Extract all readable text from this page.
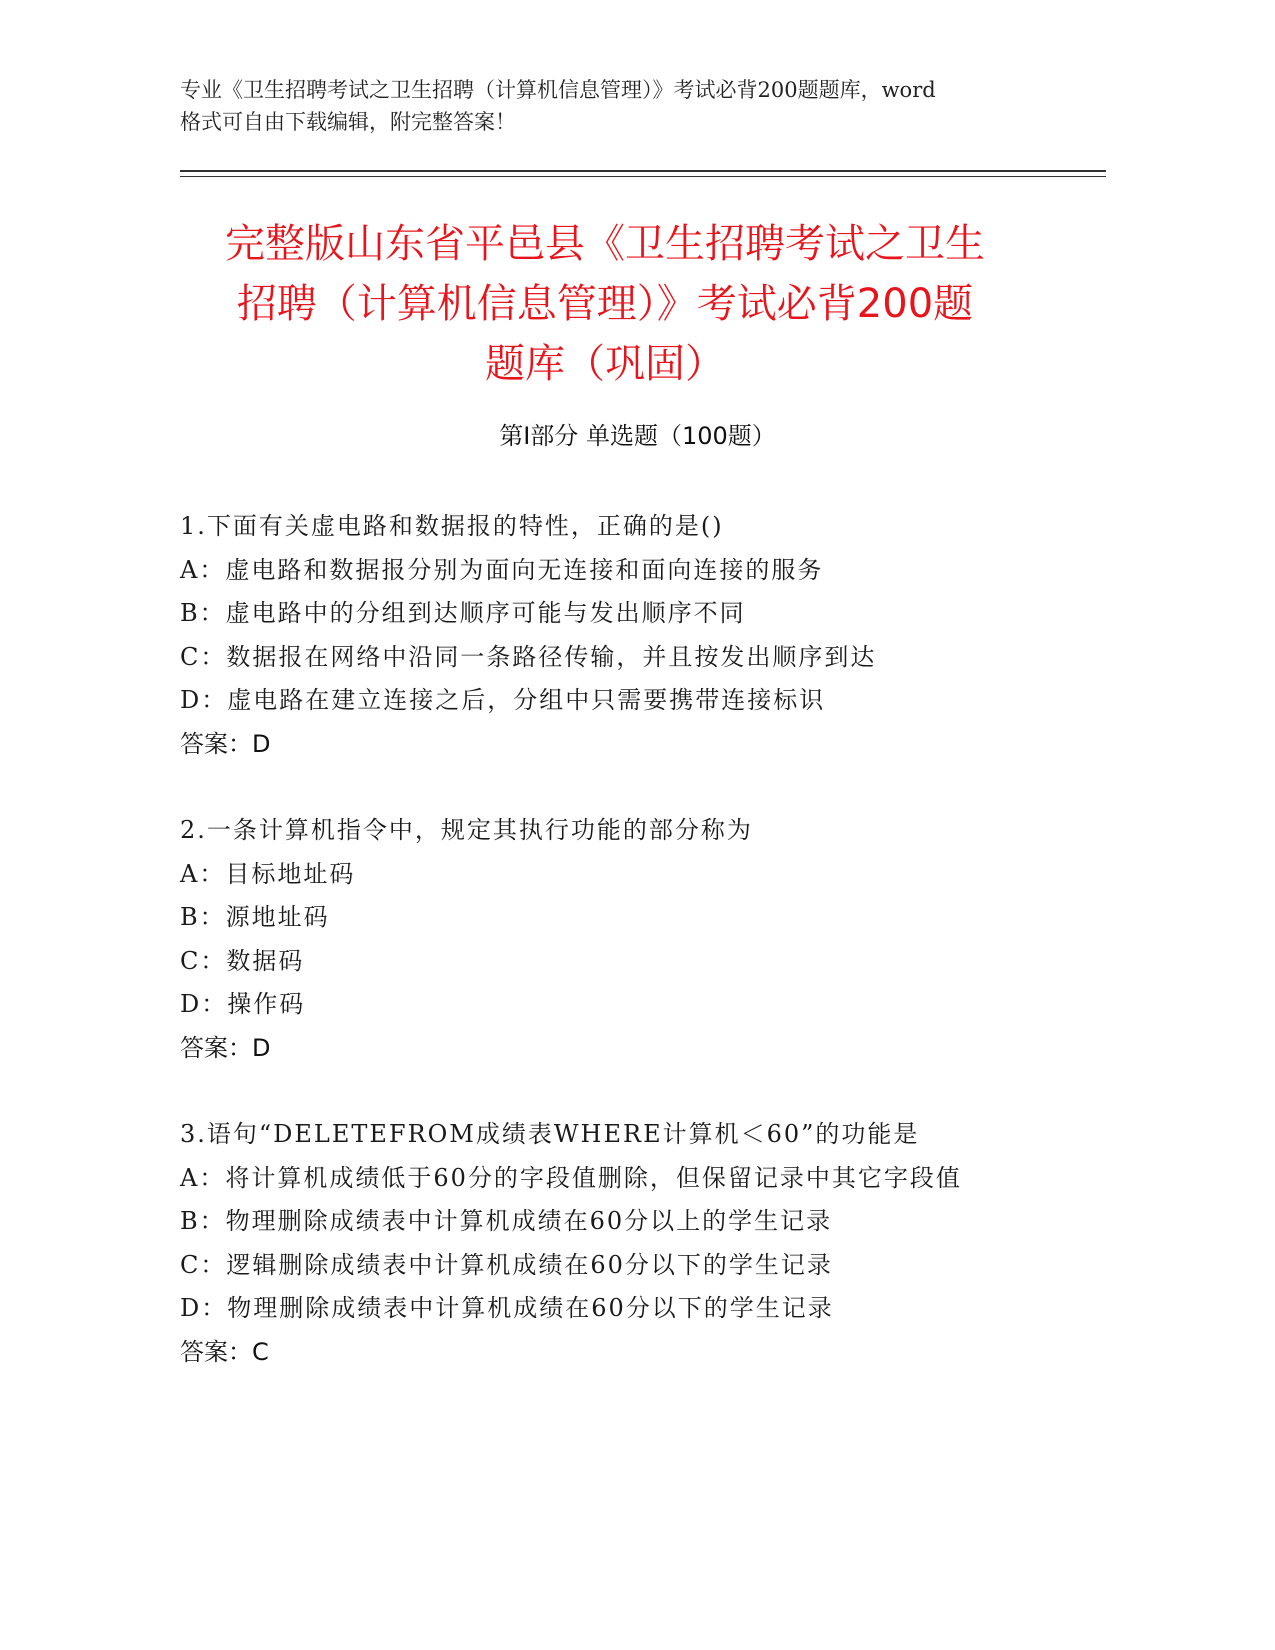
专业《卫生招聘考试之卫生招聘（计算机信息管理）》考试必背200题题库，word
格式可自由下载编辑，附完整答案！
完整版山东省平邑县《卫生招聘考试之卫生
招聘（计算机信息管理）》考试必背200题
题库（巩固）
第Ⅰ部分 单选题（100题）
1.下面有关虚电路和数据报的特性，正确的是()
A：虚电路和数据报分别为面向无连接和面向连接的服务
B：虚电路中的分组到达顺序可能与发出顺序不同
C：数据报在网络中沿同一条路径传输，并且按发出顺序到达
D：虚电路在建立连接之后，分组中只需要携带连接标识
答案：D
2.一条计算机指令中，规定其执行功能的部分称为
A：目标地址码
B：源地址码
C：数据码
D：操作码
答案：D
3.语句“DELETEFROM成绩表WHERE计算机＜60”的功能是
A：将计算机成绩低于60分的字段值删除，但保留记录中其它字段值
B：物理删除成绩表中计算机成绩在60分以上的学生记录
C：逻辑删除成绩表中计算机成绩在60分以下的学生记录
D：物理删除成绩表中计算机成绩在60分以下的学生记录
答案：C
